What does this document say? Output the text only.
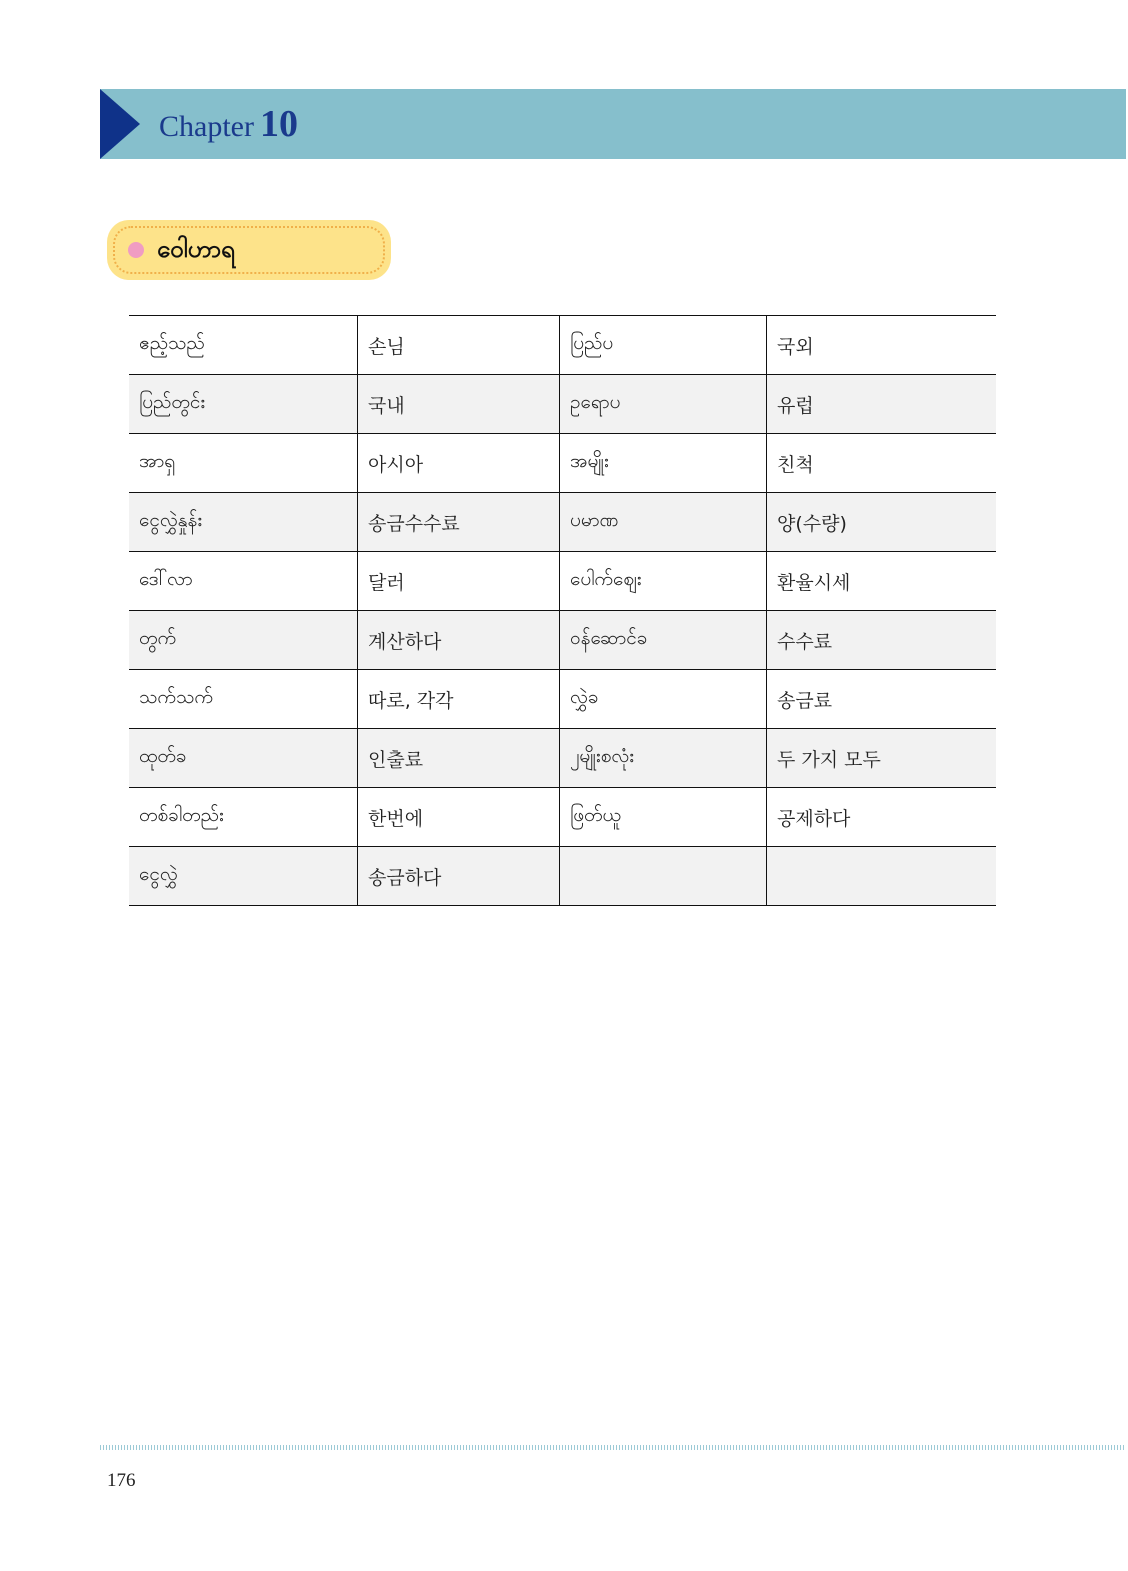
Chapter 10
ဝေါဟာရ
ဧည့်သည်	손님	ပြည်ပ	국외
ပြည်တွင်း	국내	ဥရောပ	유럽
အာရှ	아시아	အမျိုး	친척
ငွေလွှဲနှုန်း	송금수수료	ပမာဏ	양(수량)
ဒေါ်လာ	달러	ပေါက်ဈေး	환율시세
တွက်	계산하다	ဝန်ဆောင်ခ	수수료
သက်သက်	따로, 각각	လွှဲခ	송금료
ထုတ်ခ	인출료	၂မျိုးစလုံး	두 가지 모두
တစ်ခါတည်း	한번에	ဖြတ်ယူ	공제하다
ငွေလွှဲ	송금하다		
176
